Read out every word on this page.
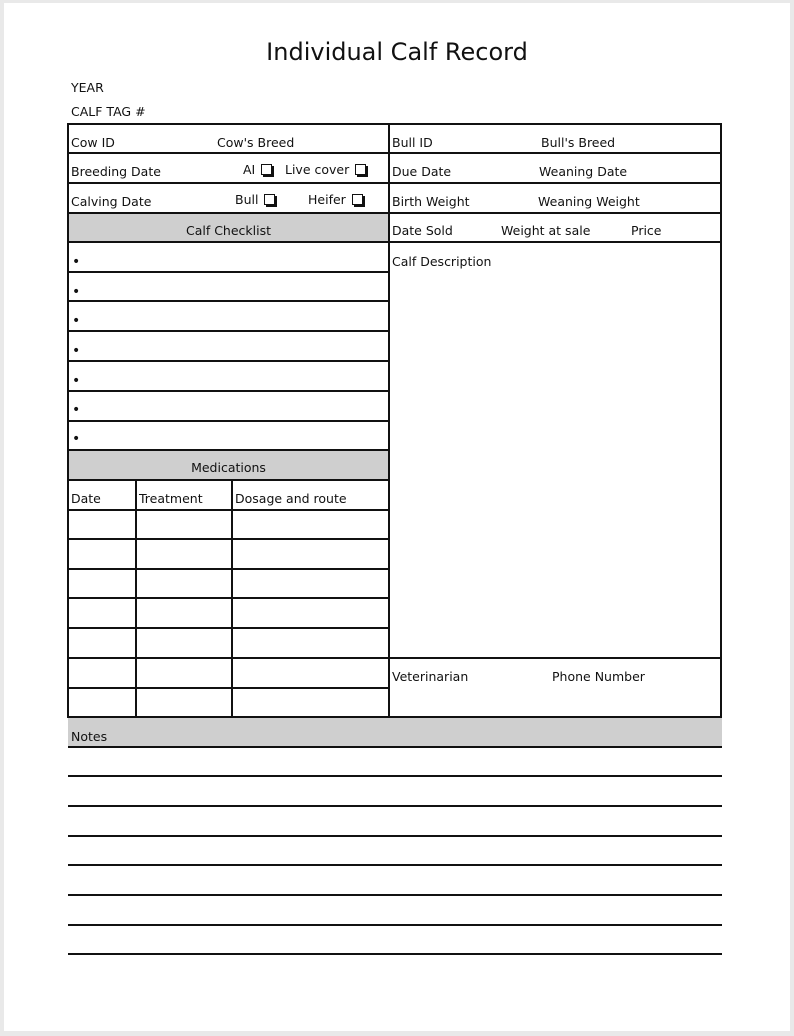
Individual Calf Record
YEAR
CALF TAG #
Cow ID	Cow's Breed	Bull ID	Bull's Breed
Breeding Date	AI	Live cover	Due Date	Weaning Date
Calving Date	Bull	Heifer	Birth Weight	Weaning Weight
Calf Checklist	Date Sold	Weight at sale	Price
•
•
•
•
•
•
•
Calf Description
Medications
Date	Treatment	Dosage and route
Veterinarian	Phone Number
Notes
